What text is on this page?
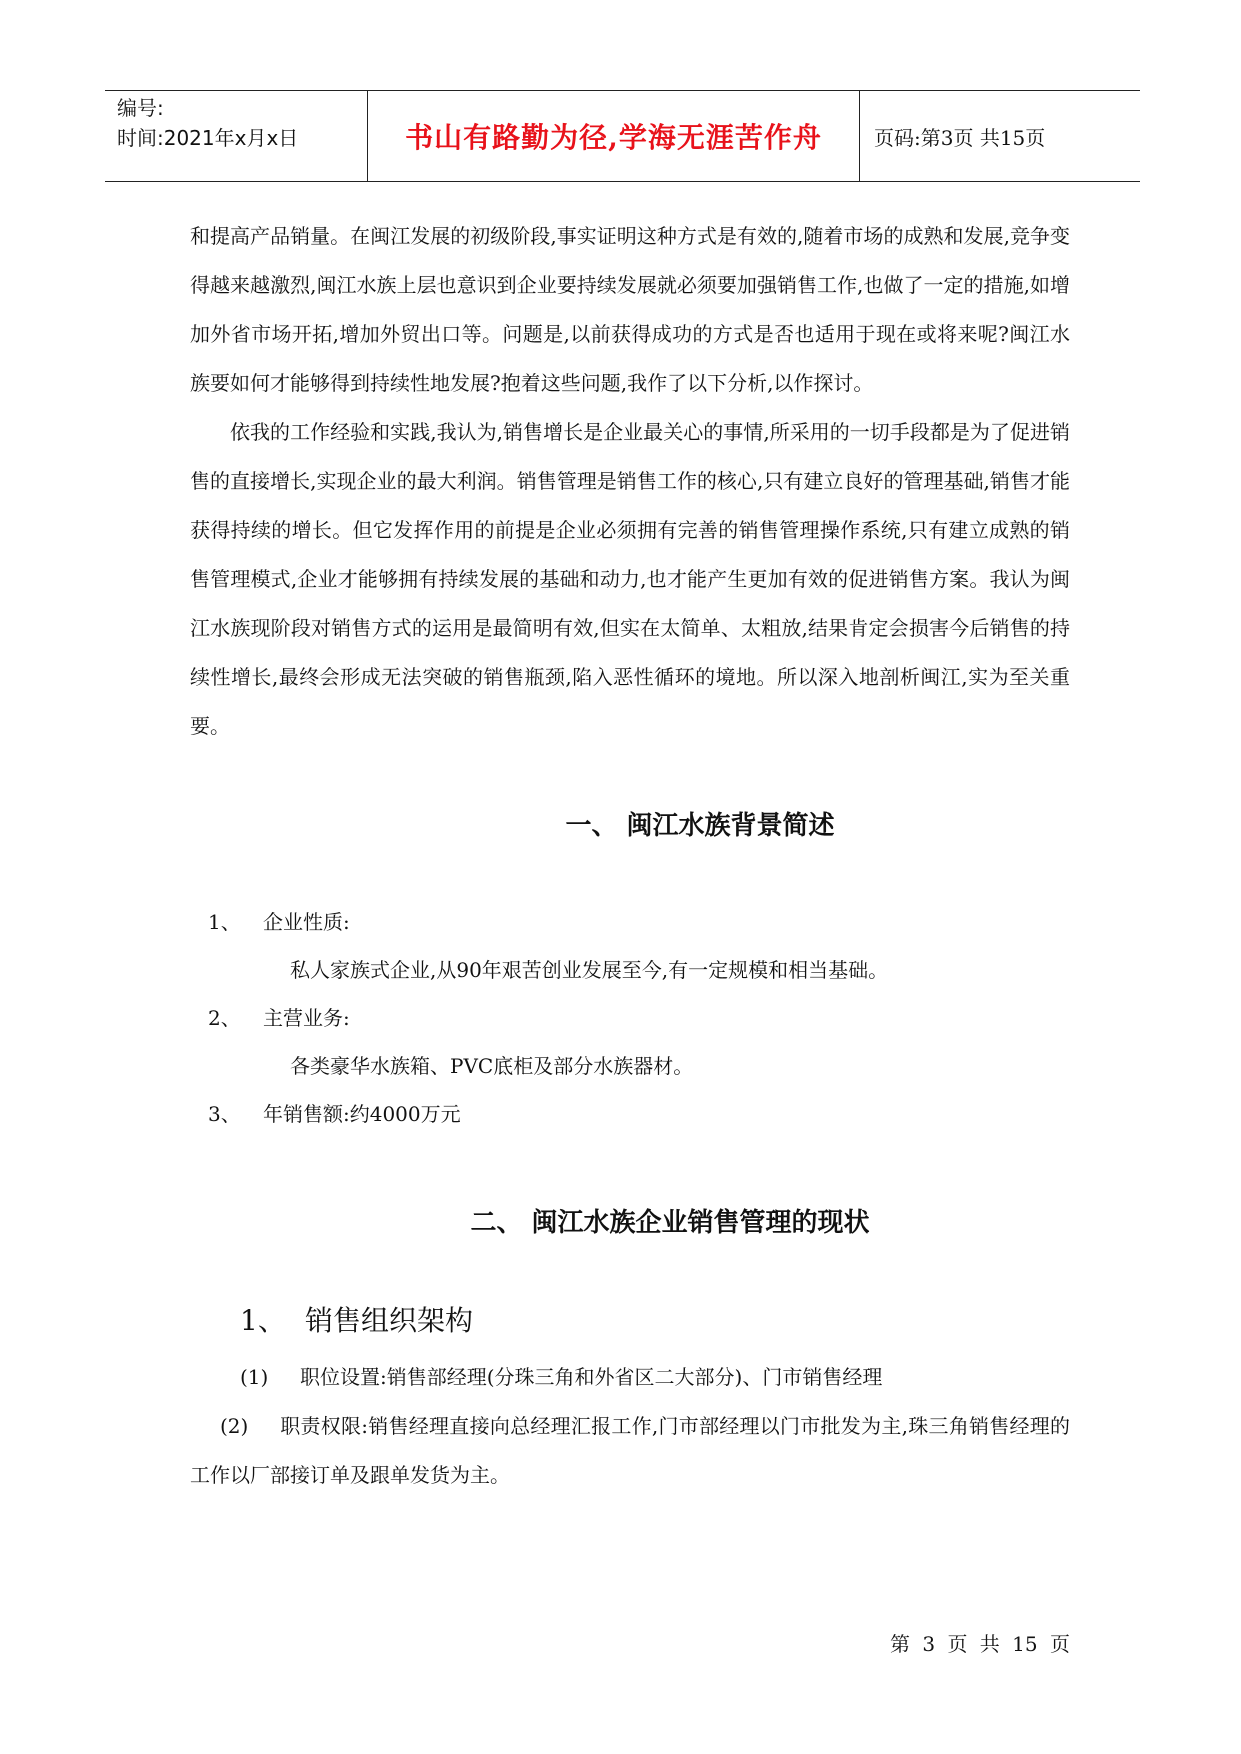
编号:
时间:2021年x月x日	书山有路勤为径,学海无涯苦作舟	页码:第3页 共15页

和提高产品销量。在闽江发展的初级阶段,事实证明这种方式是有效的,随着市场的成熟和发展,竞争变得越来越激烈,闽江水族上层也意识到企业要持续发展就必须要加强销售工作,也做了一定的措施,如增加外省市场开拓,增加外贸出口等。问题是,以前获得成功的方式是否也适用于现在或将来呢?闽江水族要如何才能够得到持续性地发展?抱着这些问题,我作了以下分析,以作探讨。

依我的工作经验和实践,我认为,销售增长是企业最关心的事情,所采用的一切手段都是为了促进销售的直接增长,实现企业的最大利润。销售管理是销售工作的核心,只有建立良好的管理基础,销售才能获得持续的增长。但它发挥作用的前提是企业必须拥有完善的销售管理操作系统,只有建立成熟的销售管理模式,企业才能够拥有持续发展的基础和动力,也才能产生更加有效的促进销售方案。我认为闽江水族现阶段对销售方式的运用是最简明有效,但实在太简单、太粗放,结果肯定会损害今后销售的持续性增长,最终会形成无法突破的销售瓶颈,陷入恶性循环的境地。所以深入地剖析闽江,实为至关重要。

一、 闽江水族背景简述

1、 企业性质:

私人家族式企业,从90年艰苦创业发展至今,有一定规模和相当基础。

2、 主营业务:

各类豪华水族箱、PVC底柜及部分水族器材。

3、 年销售额:约4000万元

二、 闽江水族企业销售管理的现状

1、 销售组织架构

(1) 职位设置:销售部经理(分珠三角和外省区二大部分)、门市销售经理

(2) 职责权限:销售经理直接向总经理汇报工作,门市部经理以门市批发为主,珠三角销售经理的工作以厂部接订单及跟单发货为主。

第 3 页 共 15 页
